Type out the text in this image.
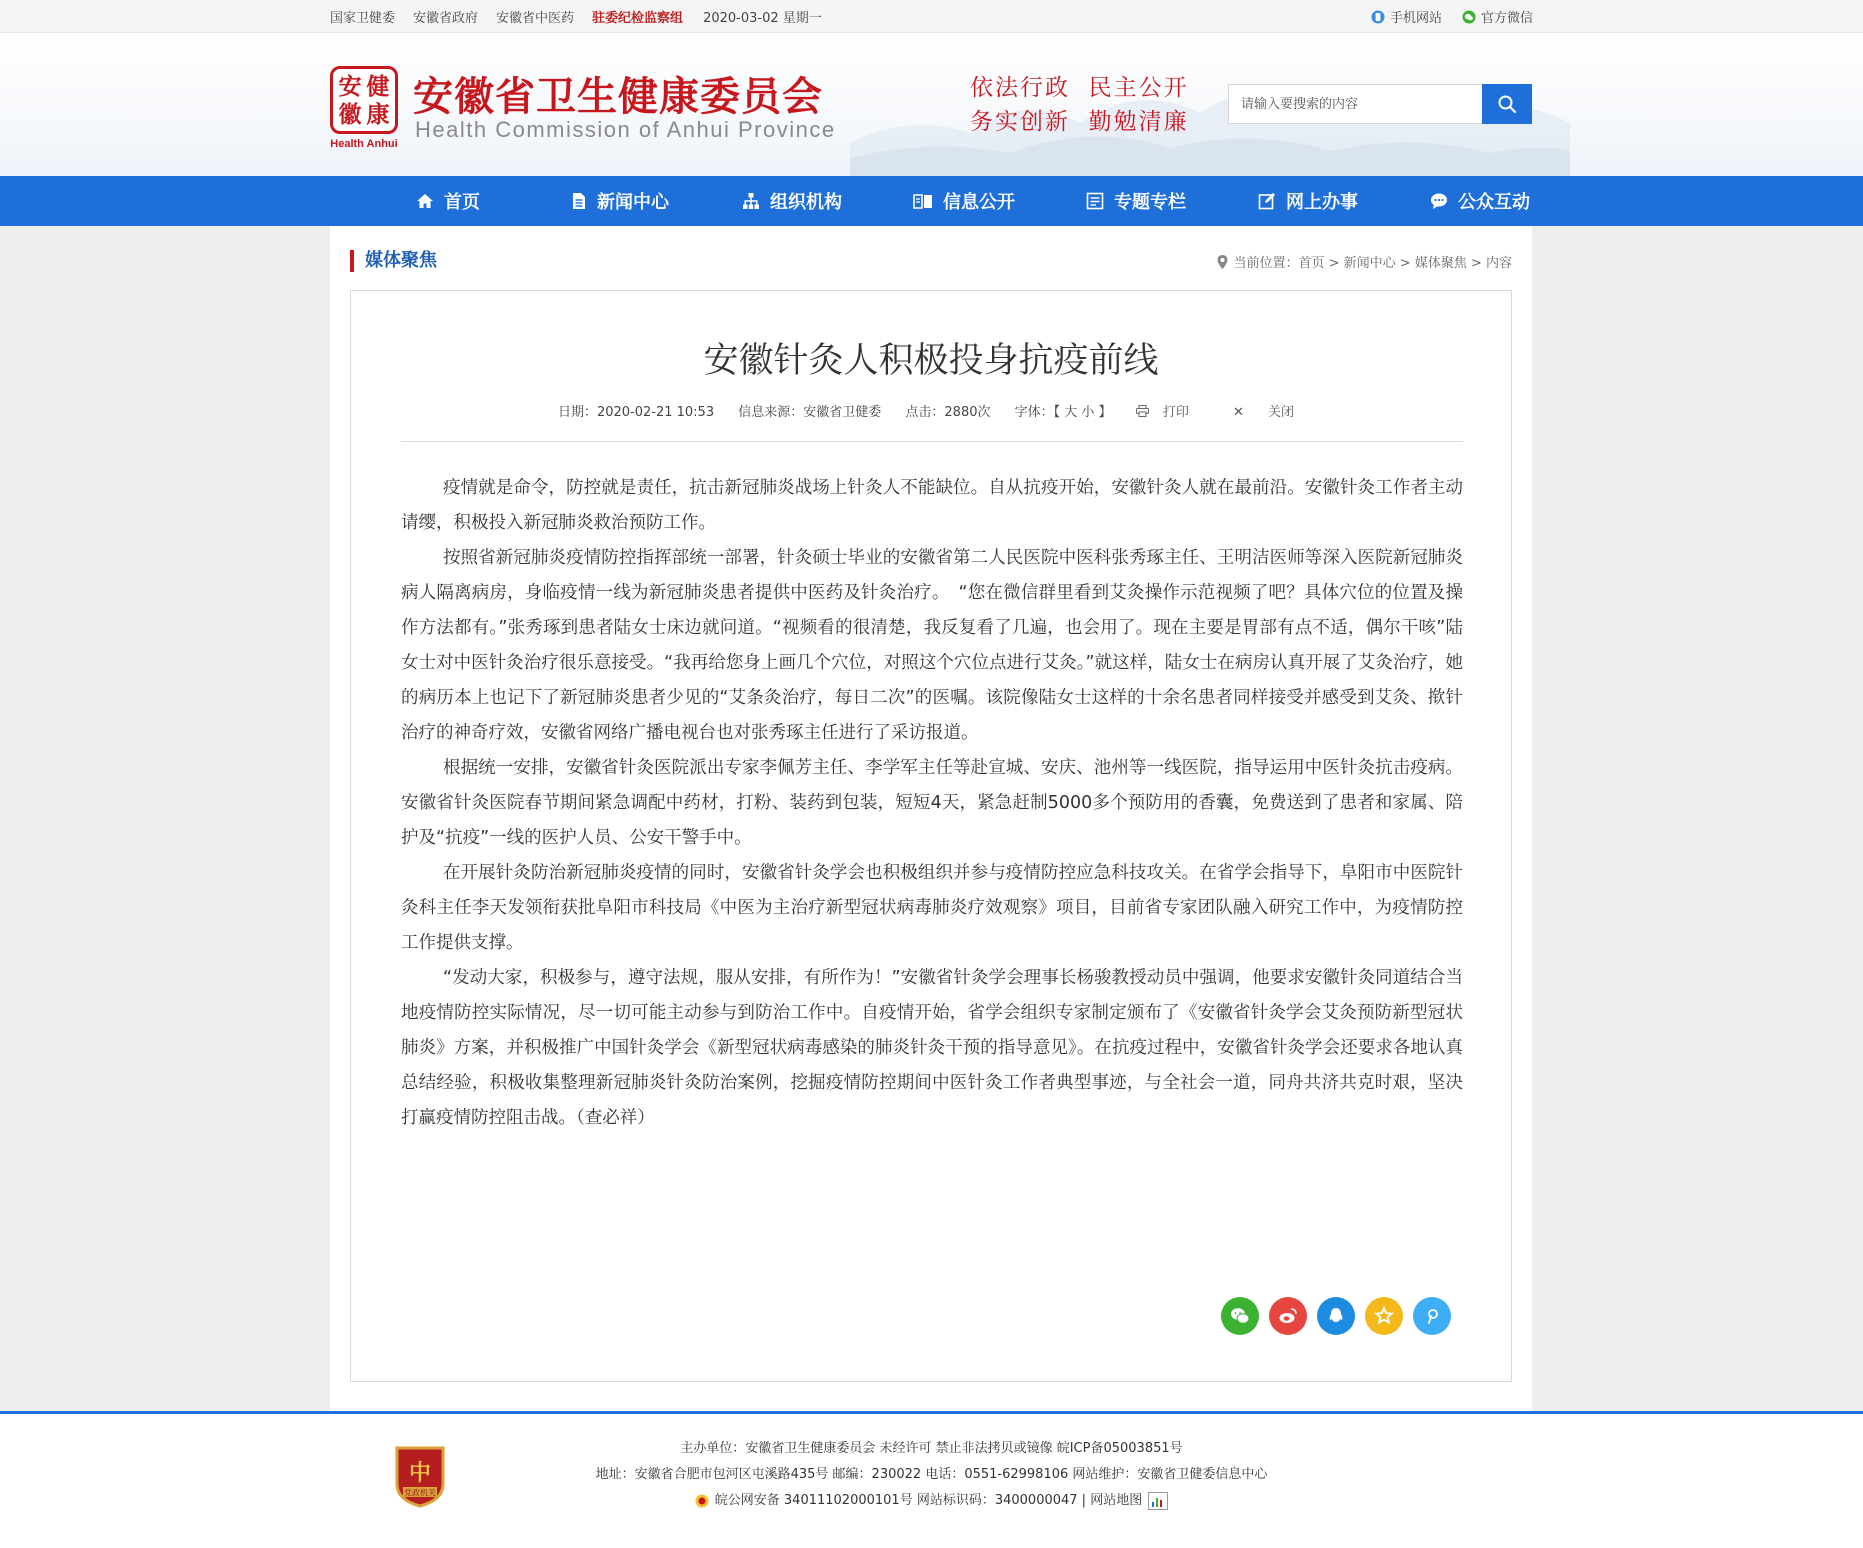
国家卫健委 安徽省政府 安徽省中医药 驻委纪检监察组 2020-03-02 星期一	手机网站	官方微信
安 健
徽 康
Health Anhui
安徽省卫生健康委员会
Health Commission of Anhui Province
依法行政  民主公开
务实创新  勤勉清廉
请输入要搜索的内容
首页	新闻中心	组织机构	信息公开	专题专栏	网上办事	公众互动
媒体聚焦	当前位置：首页 > 新闻中心 > 媒体聚焦 > 内容
安徽针灸人积极投身抗疫前线
日期：2020-02-21 10:53 信息来源：安徽省卫健委 点击：2880次 字体：【 大 小 】	打印	✕ 关闭

疫情就是命令，防控就是责任，抗击新冠肺炎战场上针灸人不能缺位。自从抗疫开始，安徽针灸人就在最前沿。安徽针灸工作者主动请缨，积极投入新冠肺炎救治预防工作。

按照省新冠肺炎疫情防控指挥部统一部署，针灸硕士毕业的安徽省第二人民医院中医科张秀琢主任、王明洁医师等深入医院新冠肺炎病人隔离病房，身临疫情一线为新冠肺炎患者提供中医药及针灸治疗。　“您在微信群里看到艾灸操作示范视频了吧？具体穴位的位置及操作方法都有。”张秀琢到患者陆女士床边就问道。“视频看的很清楚，我反复看了几遍，也会用了。现在主要是胃部有点不适，偶尔干咳”陆女士对中医针灸治疗很乐意接受。“我再给您身上画几个穴位，对照这个穴位点进行艾灸。”就这样，陆女士在病房认真开展了艾灸治疗，她的病历本上也记下了新冠肺炎患者少见的“艾条灸治疗，每日二次”的医嘱。该院像陆女士这样的十余名患者同样接受并感受到艾灸、揿针治疗的神奇疗效，安徽省网络广播电视台也对张秀琢主任进行了采访报道。

根据统一安排，安徽省针灸医院派出专家李佩芳主任、李学军主任等赴宣城、安庆、池州等一线医院，指导运用中医针灸抗击疫病。安徽省针灸医院春节期间紧急调配中药材，打粉、装药到包装，短短4天，紧急赶制5000多个预防用的香囊，免费送到了患者和家属、陪护及“抗疫”一线的医护人员、公安干警手中。

在开展针灸防治新冠肺炎疫情的同时，安徽省针灸学会也积极组织并参与疫情防控应急科技攻关。在省学会指导下，阜阳市中医院针灸科主任李天发领衔获批阜阳市科技局《中医为主治疗新型冠状病毒肺炎疗效观察》项目，目前省专家团队融入研究工作中，为疫情防控工作提供支撑。

“发动大家，积极参与，遵守法规，服从安排，有所作为！”安徽省针灸学会理事长杨骏教授动员中强调，他要求安徽针灸同道结合当地疫情防控实际情况，尽一切可能主动参与到防治工作中。自疫情开始，省学会组织专家制定颁布了《安徽省针灸学会艾灸预防新型冠状肺炎》方案，并积极推广中国针灸学会《新型冠状病毒感染的肺炎针灸干预的指导意见》。在抗疫过程中，安徽省针灸学会还要求各地认真总结经验，积极收集整理新冠肺炎针灸防治案例，挖掘疫情防控期间中医针灸工作者典型事迹，与全社会一道，同舟共济共克时艰，坚决打赢疫情防控阻击战。（查必祥）

中
党政机关
主办单位：安徽省卫生健康委员会 未经许可 禁止非法拷贝或镜像 皖ICP备05003851号
地址：安徽省合肥市包河区屯溪路435号 邮编：230022 电话：0551-62998106 网站维护：安徽省卫健委信息中心
皖公网安备 34011102000101号 网站标识码：3400000047 | 网站地图
